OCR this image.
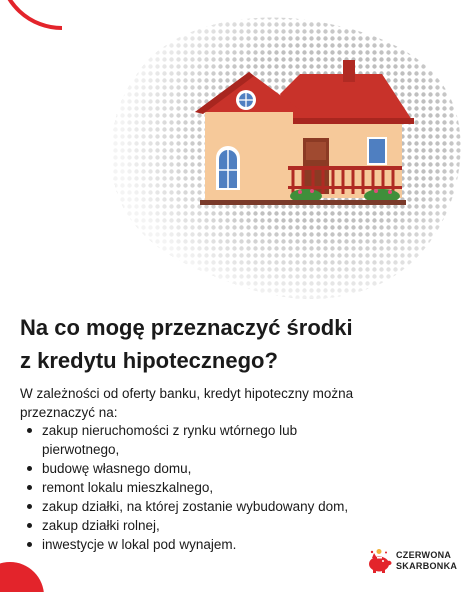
Na co mogę przeznaczyć środki
z kredytu hipotecznego?

W zależności od oferty banku, kredyt hipoteczny można
przeznaczyć na:

zakup nieruchomości z rynku wtórnego lub
pierwotnego,
budowę własnego domu,
remont lokalu mieszkalnego,
zakup działki, na której zostanie wybudowany dom,
zakup działki rolnej,
inwestycje w lokal pod wynajem.
CZERWONA
SKARBONKA
